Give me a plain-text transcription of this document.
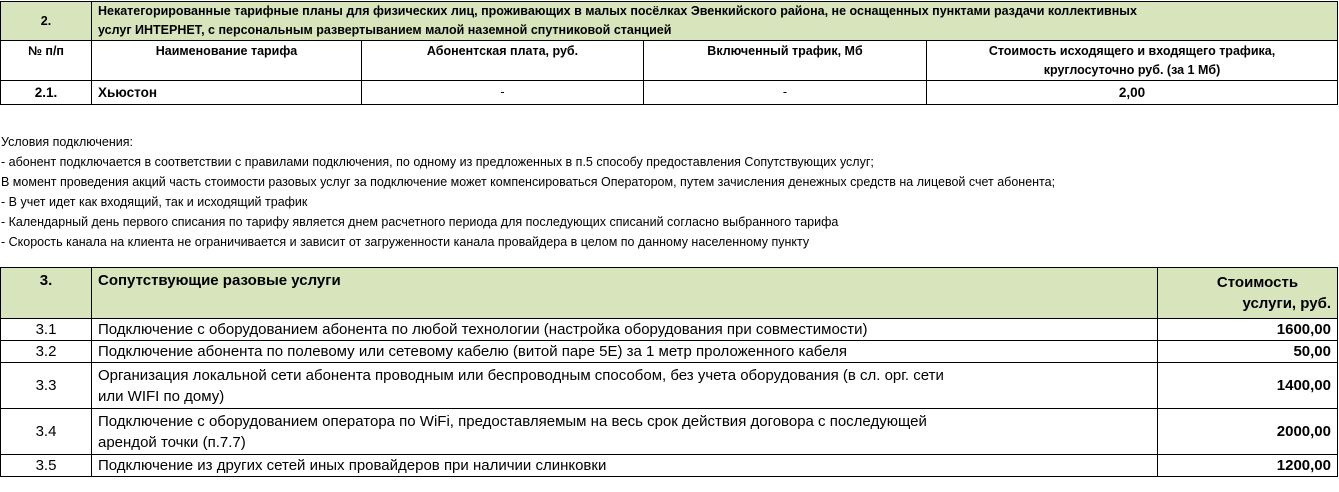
2.	Некатегорированные тарифные планы для физических лиц, проживающих в малых посёлках Эвенкийского района, не оснащенных пунктами раздачи коллективных
услуг ИНТЕРНЕТ, с персональным развертыванием малой наземной спутниковой станцией			

№ п/п	Наименование тарифа	Абонентская плата, руб.	Включенный трафик, Мб	Стоимость исходящего и входящего трафика,
круглосуточно руб. (за 1 Мб)

2.1.	Хьюстон	-	-	2,00
Условия подключения:
- абонент подключается в соответствии с правилами подключения, по одному из предложенных в п.5 способу предоставления Сопутствующих услуг;
В момент проведения акций часть стоимости разовых услуг за подключение может компенсироваться Оператором, путем зачисления денежных средств на лицевой счет абонента;
- В учет идет как входящий, так и исходящий трафик
- Календарный день первого списания по тарифу является днем расчетного периода для последующих списаний согласно выбранного тарифа
- Скорость канала на клиента не ограничивается и зависит от загруженности канала провайдера в целом по данному населенному пункту
3.	Сопутствующие разовые услуги	Стоимость
услуги, руб.

3.1	Подключение с оборудованием абонента по любой технологии (настройка оборудования при совместимости)	1600,00
3.2	Подключение абонента по полевому или сетевому кабелю (витой паре 5E) за 1 метр проложенного кабеля	50,00
3.3	Организация локальной сети абонента проводным или беспроводным способом, без учета оборудования (в сл. орг. сети
или WIFI по дому)	1400,00
3.4	Подключение с оборудованием оператора по WiFi, предоставляемым на весь срок действия договора с последующей
арендой точки (п.7.7)	2000,00
3.5	Подключение из других сетей иных провайдеров при наличии слинковки	1200,00
